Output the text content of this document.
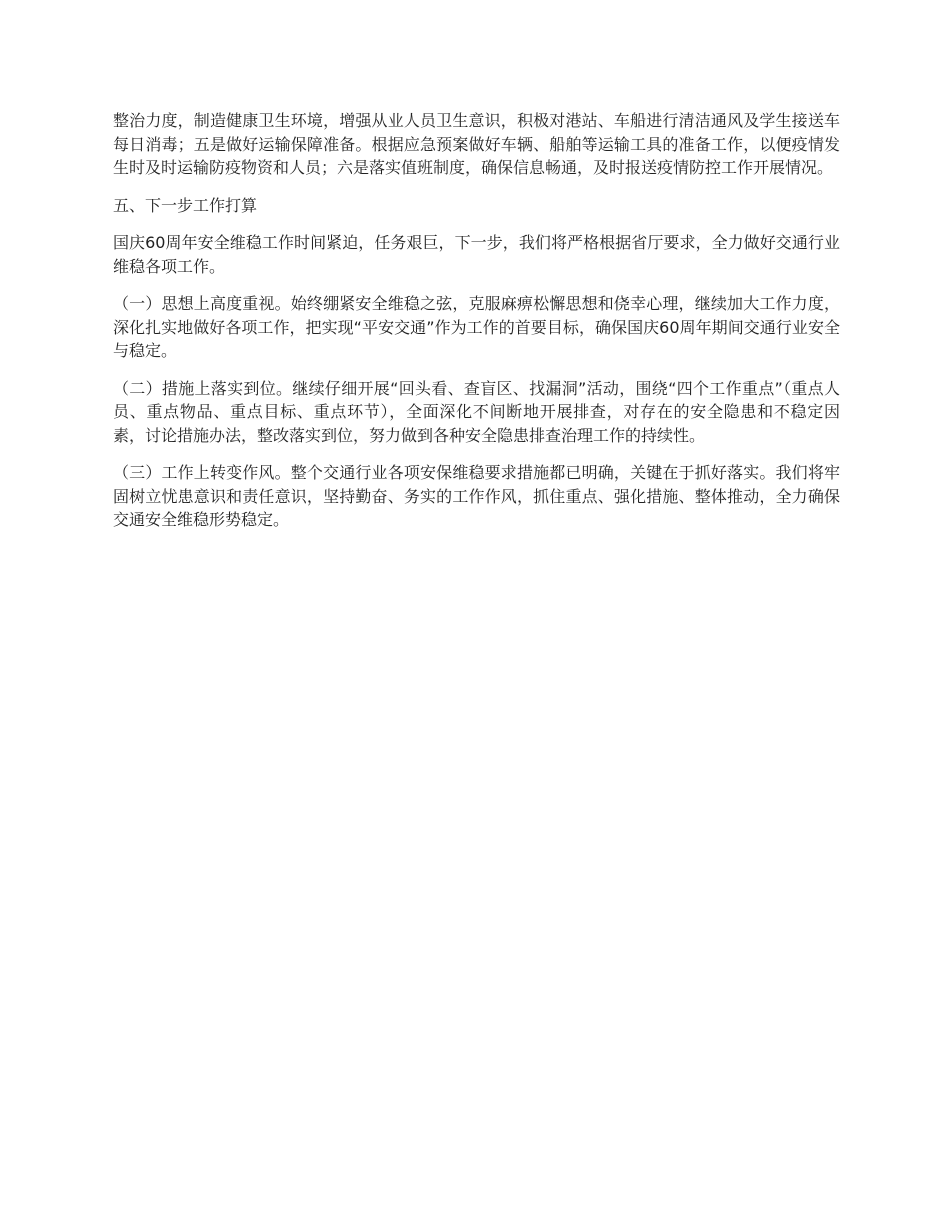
整治力度，制造健康卫生环境，增强从业人员卫生意识，积极对港站、车船进行清洁通风及学生接送车每日消毒；五是做好运输保障准备。根据应急预案做好车辆、船舶等运输工具的准备工作，以便疫情发生时及时运输防疫物资和人员；六是落实值班制度，确保信息畅通，及时报送疫情防控工作开展情况。

五、下一步工作打算

国庆60周年安全维稳工作时间紧迫，任务艰巨，下一步，我们将严格根据省厅要求，全力做好交通行业维稳各项工作。

（一）思想上高度重视。始终绷紧安全维稳之弦，克服麻痹松懈思想和侥幸心理，继续加大工作力度，深化扎实地做好各项工作，把实现“平安交通”作为工作的首要目标，确保国庆60周年期间交通行业安全与稳定。

（二）措施上落实到位。继续仔细开展“回头看、查盲区、找漏洞”活动，围绕“四个工作重点”（重点人员、重点物品、重点目标、重点环节），全面深化不间断地开展排查，对存在的安全隐患和不稳定因素，讨论措施办法，整改落实到位，努力做到各种安全隐患排查治理工作的持续性。

（三）工作上转变作风。整个交通行业各项安保维稳要求措施都已明确，关键在于抓好落实。我们将牢固树立忧患意识和责任意识，坚持勤奋、务实的工作作风，抓住重点、强化措施、整体推动，全力确保交通安全维稳形势稳定。
